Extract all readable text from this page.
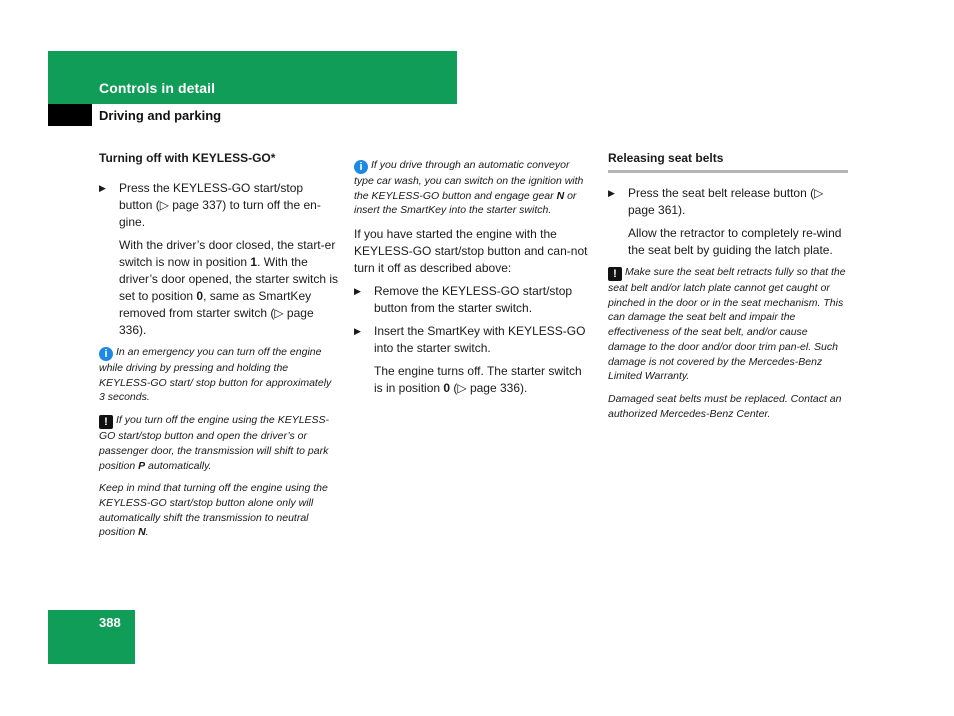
Controls in detail
Driving and parking

Turning off with KEYLESS-GO*

▶ Press the KEYLESS-GO start/stop button (▷ page 337) to turn off the en-gine.

With the driver’s door closed, the start-er switch is now in position 1. With the driver’s door opened, the starter switch is set to position 0, same as SmartKey removed from starter switch (▷ page 336).

i In an emergency you can turn off the engine while driving by pressing and holding the KEYLESS-GO start/ stop button for approximately 3 seconds.

! If you turn off the engine using the KEYLESS-GO start/stop button and open the driver’s or passenger door, the transmission will shift to park position P automatically.

Keep in mind that turning off the engine using the KEYLESS-GO start/stop button alone only will automatically shift the transmission to neutral position N.

i If you drive through an automatic conveyor type car wash, you can switch on the ignition with the KEYLESS-GO button and engage gear N or insert the SmartKey into the starter switch.

If you have started the engine with the KEYLESS-GO start/stop button and can-not turn it off as described above:

▶ Remove the KEYLESS-GO start/stop button from the starter switch.
▶ Insert the SmartKey with KEYLESS-GO into the starter switch.

The engine turns off. The starter switch is in position 0 (▷ page 336).

Releasing seat belts

▶ Press the seat belt release button (▷ page 361).

Allow the retractor to completely re-wind the seat belt by guiding the latch plate.

! Make sure the seat belt retracts fully so that the seat belt and/or latch plate cannot get caught or pinched in the door or in the seat mechanism. This can damage the seat belt and impair the effectiveness of the seat belt, and/or cause damage to the door and/or door trim pan-el. Such damage is not covered by the Mercedes-Benz Limited Warranty.

Damaged seat belts must be replaced. Contact an authorized Mercedes-Benz Center.

388
